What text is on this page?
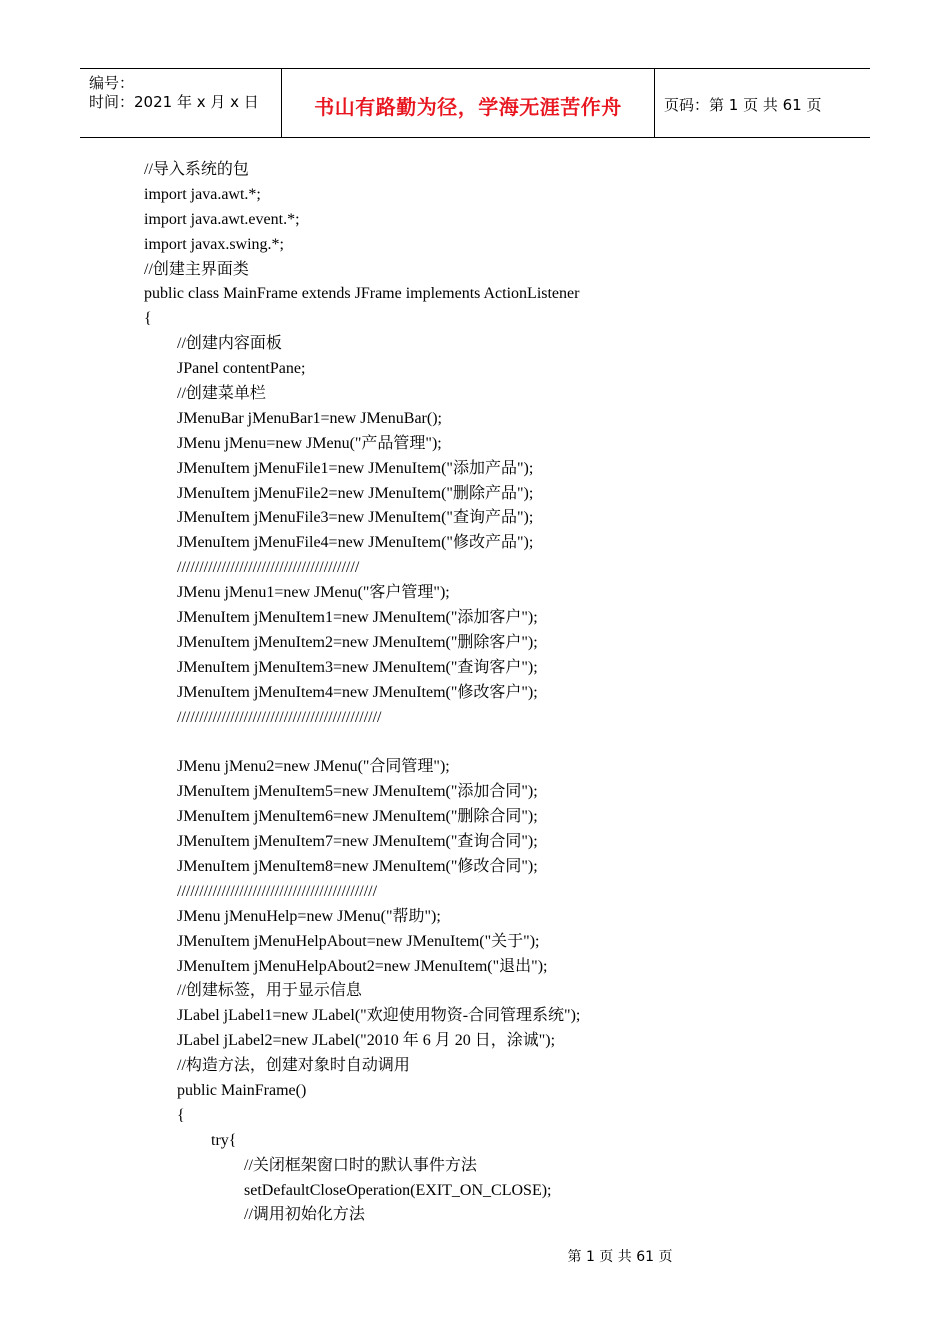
编号：
时间：2021 年 x 月 x 日	书山有路勤为径，学海无涯苦作舟	页码：第 1 页 共 61 页
//导入系统的包
import java.awt.*;
import java.awt.event.*;
import javax.swing.*;
//创建主界面类
public class MainFrame extends JFrame implements ActionListener
{
//创建内容面板
JPanel contentPane;
//创建菜单栏
JMenuBar jMenuBar1=new JMenuBar();
JMenu jMenu=new JMenu("产品管理");
JMenuItem jMenuFile1=new JMenuItem("添加产品");
JMenuItem jMenuFile2=new JMenuItem("删除产品");
JMenuItem jMenuFile3=new JMenuItem("查询产品");
JMenuItem jMenuFile4=new JMenuItem("修改产品");
/////////////////////////////////////////
JMenu jMenu1=new JMenu("客户管理");
JMenuItem jMenuItem1=new JMenuItem("添加客户");
JMenuItem jMenuItem2=new JMenuItem("删除客户");
JMenuItem jMenuItem3=new JMenuItem("查询客户");
JMenuItem jMenuItem4=new JMenuItem("修改客户");
//////////////////////////////////////////////
JMenu jMenu2=new JMenu("合同管理");
JMenuItem jMenuItem5=new JMenuItem("添加合同");
JMenuItem jMenuItem6=new JMenuItem("删除合同");
JMenuItem jMenuItem7=new JMenuItem("查询合同");
JMenuItem jMenuItem8=new JMenuItem("修改合同");
/////////////////////////////////////////////
JMenu jMenuHelp=new JMenu("帮助");
JMenuItem jMenuHelpAbout=new JMenuItem("关于");
JMenuItem jMenuHelpAbout2=new JMenuItem("退出");
//创建标签，用于显示信息
JLabel jLabel1=new JLabel("欢迎使用物资-合同管理系统");
JLabel jLabel2=new JLabel("2010 年 6 月 20 日，涂诚");
//构造方法，创建对象时自动调用
public MainFrame()
{
try{
//关闭框架窗口时的默认事件方法
setDefaultCloseOperation(EXIT_ON_CLOSE);
//调用初始化方法
第 1 页 共 61 页
